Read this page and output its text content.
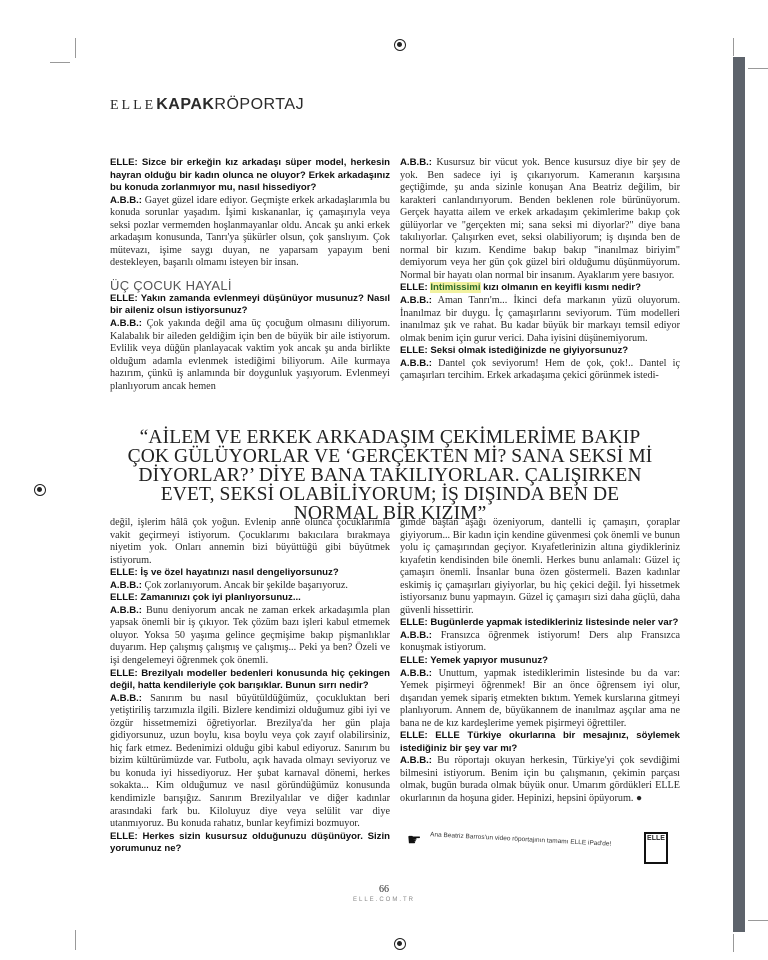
ELLEKAPAKRÖPORTAJ

ELLE: Sizce bir erkeğin kız arkadaşı süper model, herkesin hayran olduğu bir kadın olunca ne oluyor? Erkek arkadaşınız bu konuda zorlanmıyor mu, nasıl hissediyor?

A.B.B.: Gayet güzel idare ediyor. Geçmişte erkek arkadaşlarımla bu konuda sorunlar yaşadım. İşimi kıskananlar, iç çamaşırıyla veya seksi pozlar vermemden hoşlanmayanlar oldu. Ancak şu anki erkek arkadaşım konusunda, Tanrı'ya şükürler olsun, çok şanslıyım. Çok mütevazı, işime saygı duyan, ne yaparsam yapayım beni destekleyen, başarılı olmamı isteyen bir insan.

ÜÇ ÇOCUK HAYALİ

ELLE: Yakın zamanda evlenmeyi düşünüyor musunuz? Nasıl bir aileniz olsun istiyorsunuz?

A.B.B.: Çok yakında değil ama üç çocuğum olmasını diliyorum. Kalabalık bir aileden geldiğim için ben de büyük bir aile istiyorum. Evlilik veya düğün planlayacak vaktim yok ancak şu anda birlikte olduğum adamla evlenmek istediğimi biliyorum. Aile kurmaya hazırım, çünkü iş anlamında bir doygunluk yaşıyorum. Evlenmeyi planlıyorum ancak hemen

A.B.B.: Kusursuz bir vücut yok. Bence kusursuz diye bir şey de yok. Ben sadece iyi iş çıkarıyorum. Kameranın karşısına geçtiğimde, şu anda sizinle konuşan Ana Beatriz değilim, bir karakteri canlandırıyorum. Benden beklenen role bürünüyorum. Gerçek hayatta ailem ve erkek arkadaşım çekimlerime bakıp çok gülüyorlar ve "gerçekten mi; sana seksi mi diyorlar?" diye bana takılıyorlar. Çalışırken evet, seksi olabiliyorum; iş dışında ben de normal bir kızım. Kendime bakıp bakıp "inanılmaz biriyim" demiyorum veya her gün çok güzel biri olduğumu düşünmüyorum. Normal bir hayatı olan normal bir insanım. Ayaklarım yere basıyor.

ELLE: Intimissimi kızı olmanın en keyifli kısmı nedir?

A.B.B.: Aman Tanrı'm... İkinci defa markanın yüzü oluyorum. İnanılmaz bir duygu. İç çamaşırlarını seviyorum. Tüm modelleri inanılmaz şık ve rahat. Bu kadar büyük bir markayı temsil ediyor olmak benim için gurur verici. Daha iyisini düşünemiyorum.

ELLE: Seksi olmak istediğinizde ne giyiyorsunuz?

A.B.B.: Dantel çok seviyorum! Hem de çok, çok!.. Dantel iç çamaşırları tercihim. Erkek arkadaşıma çekici görünmek istedi-

“AİLEM VE ERKEK ARKADAŞIM ÇEKİMLERİME BAKIP ÇOK GÜLÜYORLAR VE ‘GERÇEKTEN Mİ? SANA SEKSİ Mİ DİYORLAR?’ DİYE BANA TAKILIYORLAR. ÇALIŞIRKEN EVET, SEKSİ OLABİLİYORUM; İŞ DIŞINDA BEN DE NORMAL BİR KIZIM”

değil, işlerim hâlâ çok yoğun. Evlenip anne olunca çocuklarımla vakit geçirmeyi istiyorum. Çocuklarımı bakıcılara bırakmaya niyetim yok. Onları annemin bizi büyüttüğü gibi büyütmek istiyorum.

ELLE: İş ve özel hayatınızı nasıl dengeliyorsunuz?

A.B.B.: Çok zorlanıyorum. Ancak bir şekilde başarıyoruz.

ELLE: Zamanınızı çok iyi planlıyorsunuz...

A.B.B.: Bunu deniyorum ancak ne zaman erkek arkadaşımla plan yapsak önemli bir iş çıkıyor. Tek çözüm bazı işleri kabul etmemek oluyor. Yoksa 50 yaşıma gelince geçmişime bakıp pişmanlıklar duyarım. Hep çalışmış çalışmış ve çalışmış... Peki ya ben? Özeli ve işi dengelemeyi öğrenmek çok önemli.

ELLE: Brezilyalı modeller bedenleri konusunda hiç çekingen değil, hatta kendileriyle çok barışıklar. Bunun sırrı nedir?

A.B.B.: Sanırım bu nasıl büyütüldüğümüz, çocukluktan beri yetiştiriliş tarzımızla ilgili. Bizlere kendimizi olduğumuz gibi iyi ve özgür hissetmemizi öğretiyorlar. Brezilya'da her gün plaja gidiyorsunuz, uzun boylu, kısa boylu veya çok zayıf olabilirsiniz, hiç fark etmez. Bedenimizi olduğu gibi kabul ediyoruz. Sanırım bu bizim kültürümüzde var. Futbolu, açık havada olmayı seviyoruz ve bu konuda iyi hissediyoruz. Her şubat karnaval dönemi, herkes sokakta... Kim olduğumuz ve nasıl göründüğümüz konusunda kendimizle barışığız. Sanırım Brezilyalılar ve diğer kadınlar arasındaki fark bu. Kiloluyuz diye veya selülit var diye utanmıyoruz. Bu konuda rahatız, bunlar keyfimizi bozmuyor.

ELLE: Herkes sizin kusursuz olduğunuzu düşünüyor. Sizin yorumunuz ne?

ğimde baştan aşağı özeniyorum, dantelli iç çamaşırı, çoraplar giyiyorum... Bir kadın için kendine güvenmesi çok önemli ve bunun yolu iç çamaşırından geçiyor. Kıyafetlerinizin altına giydikleriniz kıyafetin kendisinden bile önemli. Herkes bunu anlamalı: Güzel iç çamaşırı önemli. İnsanlar buna özen göstermeli. Bazen kadınlar eskimiş iç çamaşırları giyiyorlar, bu hiç çekici değil. İyi hissetmek istiyorsanız bunu yapmayın. Güzel iç çamaşırı sizi daha güçlü, daha güvenli hissettirir.

ELLE: Bugünlerde yapmak istedikleriniz listesinde neler var?

A.B.B.: Fransızca öğrenmek istiyorum! Ders alıp Fransızca konuşmak istiyorum.

ELLE: Yemek yapıyor musunuz?

A.B.B.: Unuttum, yapmak istediklerimin listesinde bu da var: Yemek pişirmeyi öğrenmek! Bir an önce öğrensem iyi olur, dışarıdan yemek sipariş etmekten bıktım. Yemek kurslarına gitmeyi planlıyorum. Annem de, büyükannem de inanılmaz aşçılar ama ne bana ne de kız kardeşlerime yemek pişirmeyi öğrettiler.

ELLE: ELLE Türkiye okurlarına bir mesajınız, söylemek istediğiniz bir şey var mı?

A.B.B.: Bu röportajı okuyan herkesin, Türkiye'yi çok sevdiğimi bilmesini istiyorum. Benim için bu çalışmanın, çekimin parçası olmak, bugün burada olmak büyük onur. Umarım gördükleri ELLE okurlarının da hoşuna gider. Hepinizi, hepsini öpüyorum. ●

☛ Ana Beatriz Barros'un video röportajının tamamı ELLE iPad'de!	ELLE
66
ELLE.COM.TR
